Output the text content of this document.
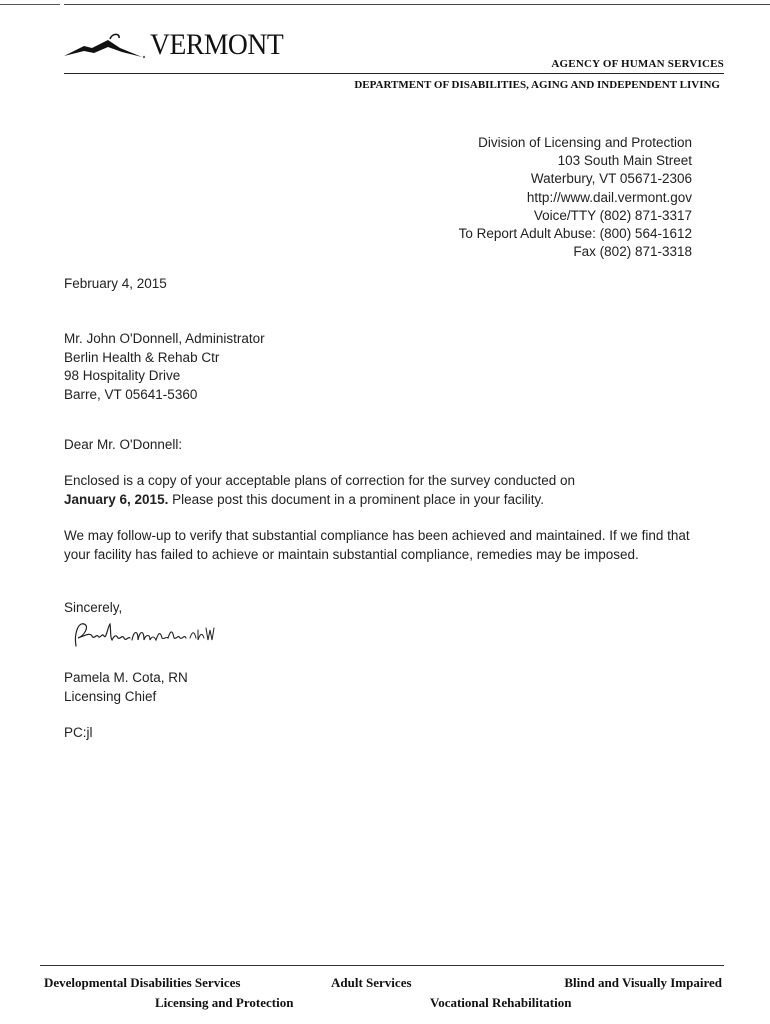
VERMONT
AGENCY OF HUMAN SERVICES
DEPARTMENT OF DISABILITIES, AGING AND INDEPENDENT LIVING
Division of Licensing and Protection
103 South Main Street
Waterbury, VT 05671-2306
http://www.dail.vermont.gov
Voice/TTY (802) 871-3317
To Report Adult Abuse: (800) 564-1612
Fax (802) 871-3318
February 4, 2015
Mr. John O'Donnell, Administrator
Berlin Health & Rehab Ctr
98 Hospitality Drive
Barre, VT 05641-5360
Dear Mr. O'Donnell:
Enclosed is a copy of your acceptable plans of correction for the survey conducted on
January 6, 2015. Please post this document in a prominent place in your facility.
We may follow-up to verify that substantial compliance has been achieved and maintained. If we find that your facility has failed to achieve or maintain substantial compliance, remedies may be imposed.
Sincerely,
Pamela M. Cota, RN
Licensing Chief
PC:jl
Developmental Disabilities Services	Adult Services	Blind and Visually Impaired
Licensing and Protection	Vocational Rehabilitation
